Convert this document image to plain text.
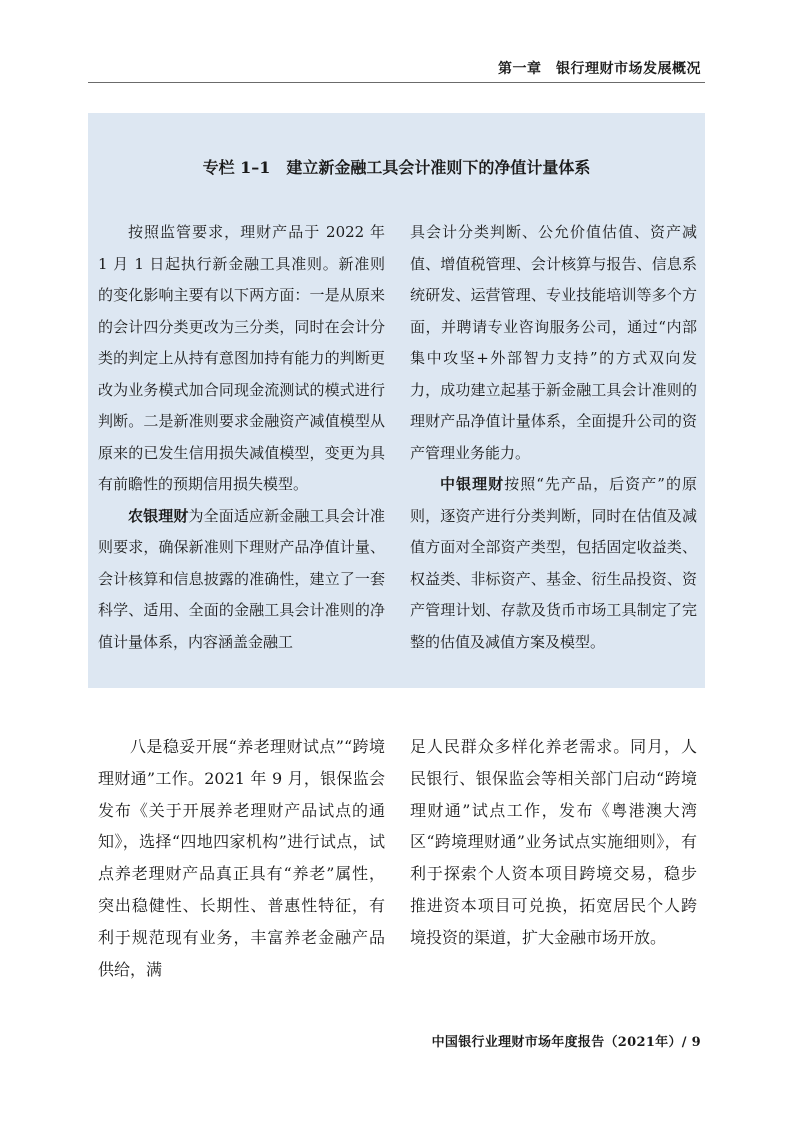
第一章　银行理财市场发展概况
专栏 1–1　建立新金融工具会计准则下的净值计量体系

按照监管要求，理财产品于 2022 年 1 月 1 日起执行新金融工具准则。新准则的变化影响主要有以下两方面：一是从原来的会计四分类更改为三分类，同时在会计分类的判定上从持有意图加持有能力的判断更改为业务模式加合同现金流测试的模式进行判断。二是新准则要求金融资产减值模型从原来的已发生信用损失减值模型，变更为具有前瞻性的预期信用损失模型。

农银理财为全面适应新金融工具会计准则要求，确保新准则下理财产品净值计量、会计核算和信息披露的准确性，建立了一套科学、适用、全面的金融工具会计准则的净值计量体系，内容涵盖金融工

具会计分类判断、公允价值估值、资产减值、增值税管理、会计核算与报告、信息系统研发、运营管理、专业技能培训等多个方面，并聘请专业咨询服务公司，通过“内部集中攻坚+外部智力支持”的方式双向发力，成功建立起基于新金融工具会计准则的理财产品净值计量体系，全面提升公司的资产管理业务能力。

中银理财按照“先产品，后资产”的原则，逐资产进行分类判断，同时在估值及减值方面对全部资产类型，包括固定收益类、权益类、非标资产、基金、衍生品投资、资产管理计划、存款及货币市场工具制定了完整的估值及减值方案及模型。

八是稳妥开展“养老理财试点”“跨境理财通”工作。2021 年 9 月，银保监会发布《关于开展养老理财产品试点的通知》，选择“四地四家机构”进行试点，试点养老理财产品真正具有“养老”属性，突出稳健性、长期性、普惠性特征，有利于规范现有业务，丰富养老金融产品供给，满

足人民群众多样化养老需求。同月，人民银行、银保监会等相关部门启动“跨境理财通”试点工作，发布《粤港澳大湾区“跨境理财通”业务试点实施细则》，有利于探索个人资本项目跨境交易，稳步推进资本项目可兑换，拓宽居民个人跨境投资的渠道，扩大金融市场开放。

中国银行业理财市场年度报告（2021年）/ 9
